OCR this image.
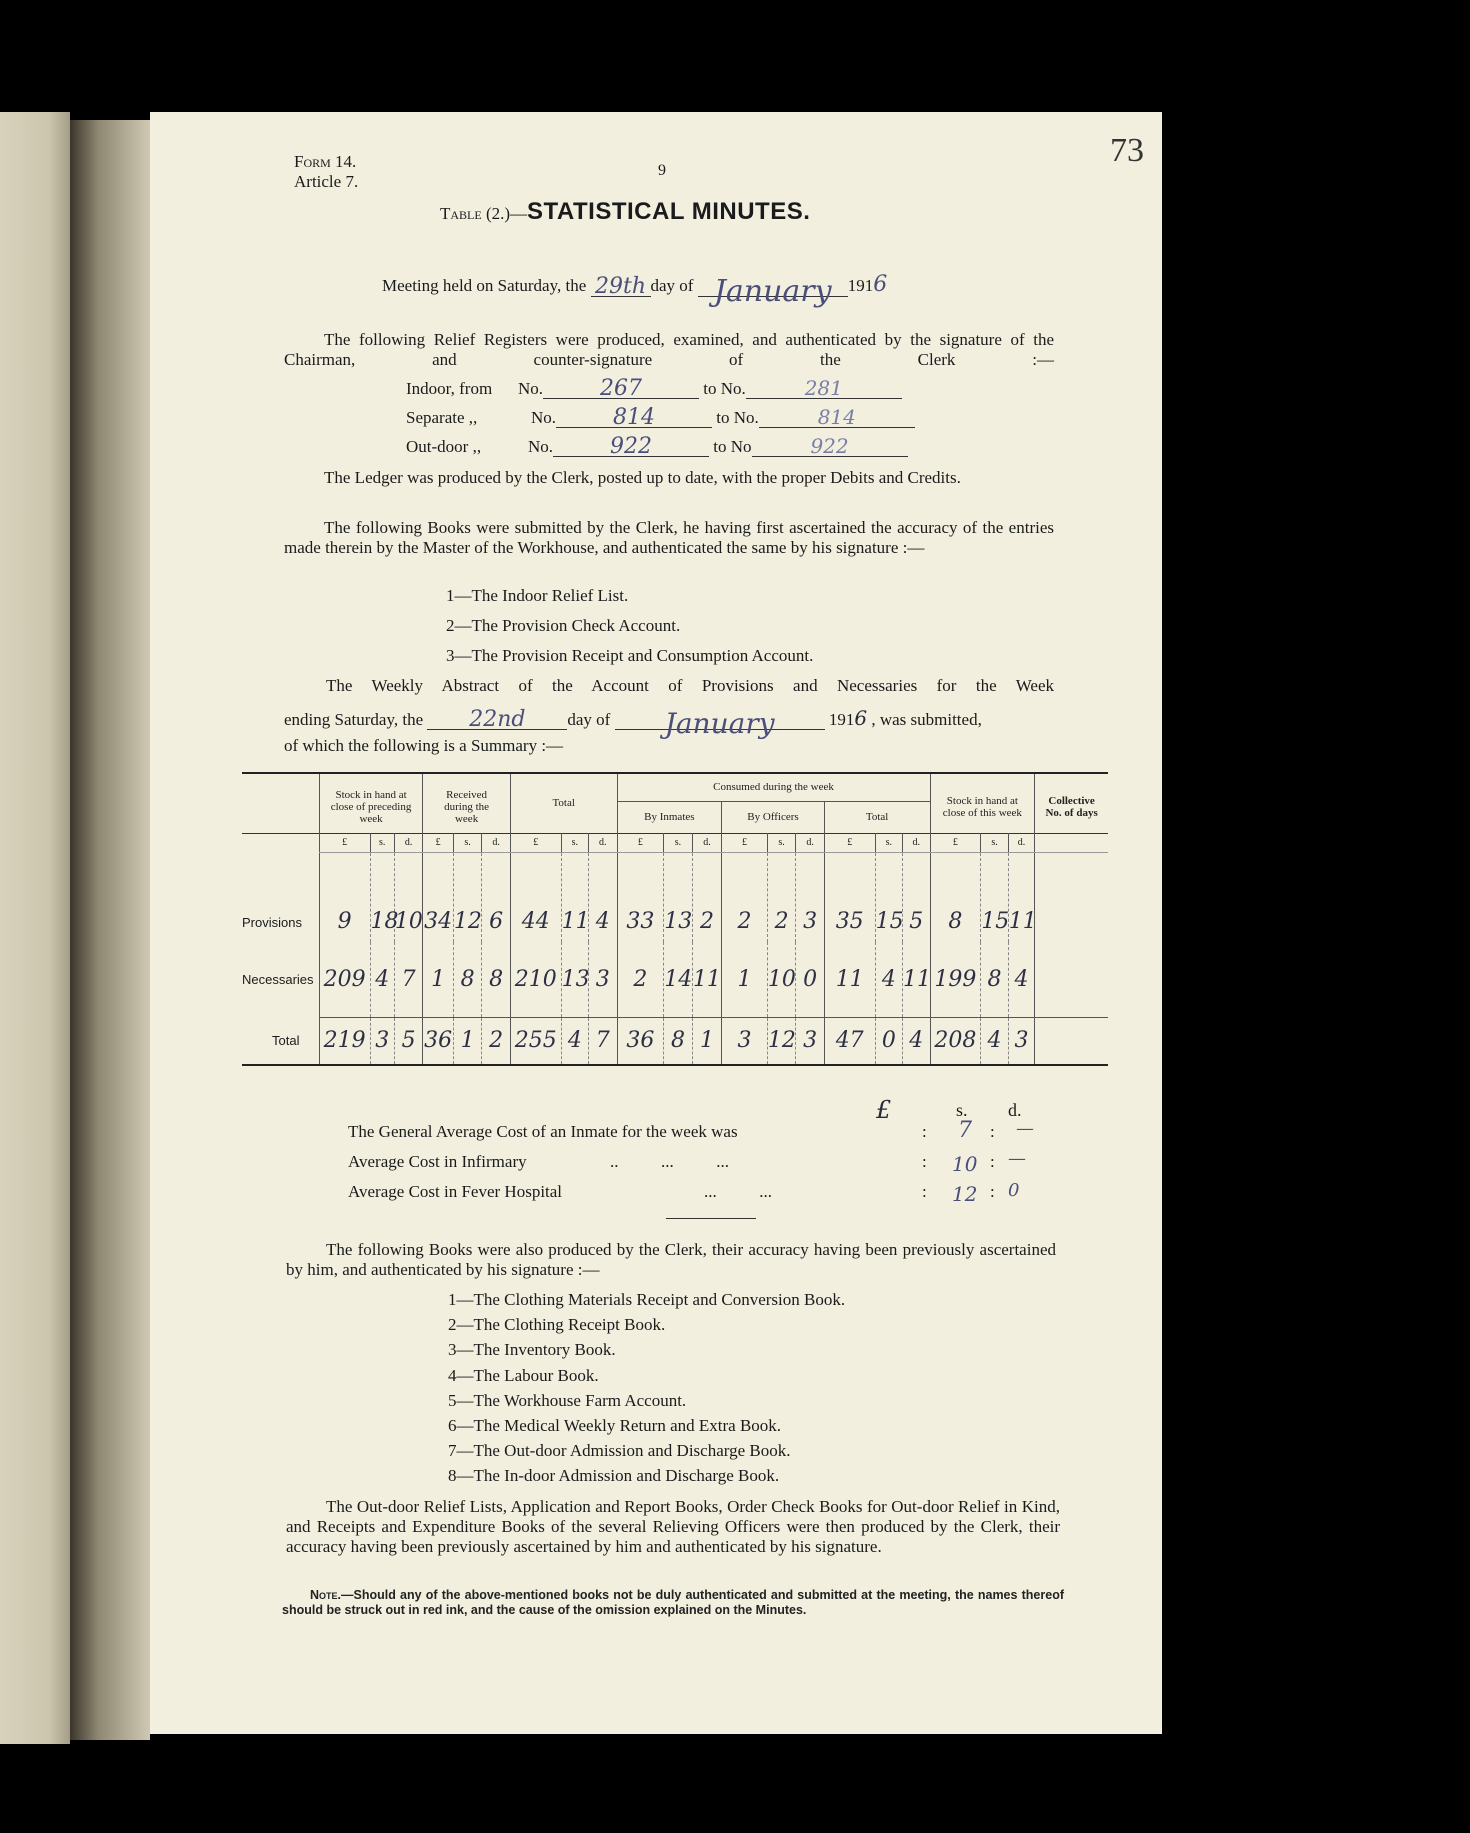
73
Form 14.
Article 7.
9
Table (2.)—STATISTICAL MINUTES.
Meeting held on Saturday, the 29th day of January 1916
The following Relief Registers were produced, examined, and authenticated by the signature of the Chairman, and counter-signature of the Clerk :—
Indoor, from No.	267	to No.	281
Separate ,,	No.	814	to No.	814
Out-door ,,	No.	922	to No	922
The Ledger was produced by the Clerk, posted up to date, with the proper Debits and Credits.
The following Books were submitted by the Clerk, he having first ascertained the accuracy of the entries made therein by the Master of the Workhouse, and authenticated the same by his signature :—
1—The Indoor Relief List.
2—The Provision Check Account.
3—The Provision Receipt and Consumption Account.
The Weekly Abstract of the Account of Provisions and Necessaries for the Week
ending Saturday, the 22nd day of January	1916 , was submitted,
of which the following is a Summary :—
	Stock in hand at close of preceding week			Received during the week			Total			Consumed during the week									Stock in hand at close of this week			Collective No. of days
										By Inmates			By Officers			Total						
	£	s.	d.	£	s.	d.	£	s.	d.	£	s.	d.	£	s.	d.	£	s.	d.	£	s.	d.	
Provisions	9	18	10	34	12	6	44	11	4	33	13	2	2	2	3	35	15	5	8	15	11	
Necessaries	209	4	7	1	8	8	210	13	3	2	14	11	1	10	0	11	4	11	199	8	4	
Total	219	3	5	36	1	2	255	4	7	36	8	1	3	12	3	47	0	4	208	4	3	
£	s. d.
The General Average Cost of an Inmate for the week was	: 7 : —
Average Cost in Infirmary	..          ...          ...	: 10 : —
Average Cost in Fever Hospital	...          ...	: 12 : 0
The following Books were also produced by the Clerk, their accuracy having been previously ascertained by him, and authenticated by his signature :—
1—The Clothing Materials Receipt and Conversion Book.
2—The Clothing Receipt Book.
3—The Inventory Book.
4—The Labour Book.
5—The Workhouse Farm Account.
6—The Medical Weekly Return and Extra Book.
7—The Out-door Admission and Discharge Book.
8—The In-door Admission and Discharge Book.
The Out-door Relief Lists, Application and Report Books, Order Check Books for Out-door Relief in Kind, and Receipts and Expenditure Books of the several Relieving Officers were then produced by the Clerk, their accuracy having been previously ascertained by him and authenticated by his signature.
Note.—Should any of the above-mentioned books not be duly authenticated and submitted at the meeting, the names thereof should be struck out in red ink, and the cause of the omission explained on the Minutes.
